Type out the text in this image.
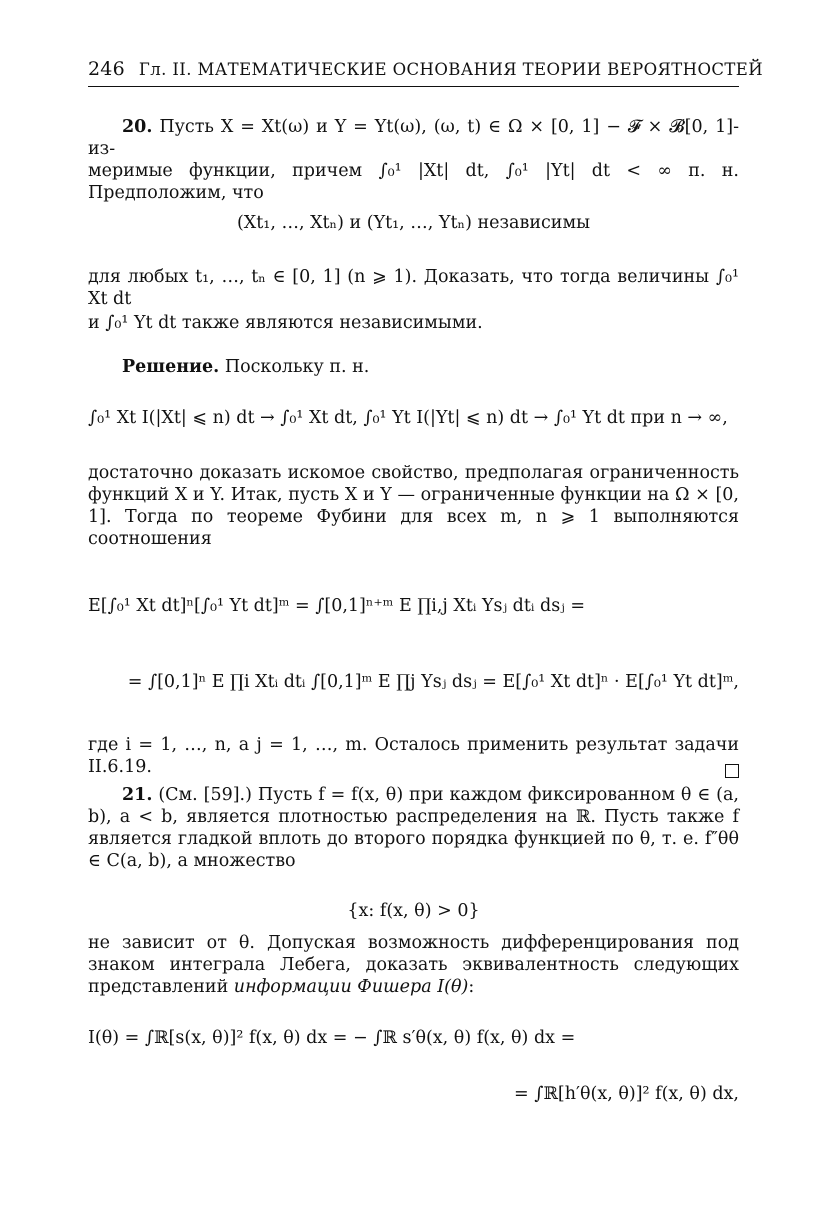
246 Гл. II. МАТЕМАТИЧЕСКИЕ ОСНОВАНИЯ ТЕОРИИ ВЕРОЯТНОСТЕЙ
20. Пусть X = Xt(ω) и Y = Yt(ω), (ω, t) ∈ Ω × [0, 1] − 𝓕 × 𝓑[0, 1]-из-
меримые функции, причем ∫₀¹ |Xt| dt, ∫₀¹ |Yt| dt < ∞ п. н. Предположим, что
(Xt₁, …, Xtₙ) и (Yt₁, …, Ytₙ) независимы
для любых t₁, …, tₙ ∈ [0, 1] (n ⩾ 1). Доказать, что тогда величины ∫₀¹ Xt dt
и ∫₀¹ Yt dt также являются независимыми.
Решение. Поскольку п. н.
∫₀¹ Xt I(|Xt| ⩽ n) dt → ∫₀¹ Xt dt, ∫₀¹ Yt I(|Yt| ⩽ n) dt → ∫₀¹ Yt dt при n → ∞,
достаточно доказать искомое свойство, предполагая ограниченность функций X и Y. Итак, пусть X и Y — ограниченные функции на Ω × [0, 1]. Тогда по теореме Фубини для всех m, n ⩾ 1 выполняются соотношения
E[∫₀¹ Xt dt]ⁿ[∫₀¹ Yt dt]ᵐ = ∫[0,1]ⁿ⁺ᵐ E ∏i,j Xtᵢ Ysⱼ dtᵢ dsⱼ =
= ∫[0,1]ⁿ E ∏i Xtᵢ dtᵢ ∫[0,1]ᵐ E ∏j Ysⱼ dsⱼ = E[∫₀¹ Xt dt]ⁿ · E[∫₀¹ Yt dt]ᵐ,
где i = 1, …, n, а j = 1, …, m. Осталось применить результат задачи II.6.19.
21. (См. [59].) Пусть f = f(x, θ) при каждом фиксированном θ ∈ (a, b), a < b, является плотностью распределения на ℝ. Пусть также f является гладкой вплоть до второго порядка функцией по θ, т. е. f″θθ ∈ C(a, b), а множество
{x: f(x, θ) > 0}
не зависит от θ. Допуская возможность дифференцирования под знаком интеграла Лебега, доказать эквивалентность следующих представлений информации Фишера I(θ):
I(θ) = ∫ℝ[s(x, θ)]² f(x, θ) dx = − ∫ℝ s′θ(x, θ) f(x, θ) dx =
= ∫ℝ[h′θ(x, θ)]² f(x, θ) dx,
